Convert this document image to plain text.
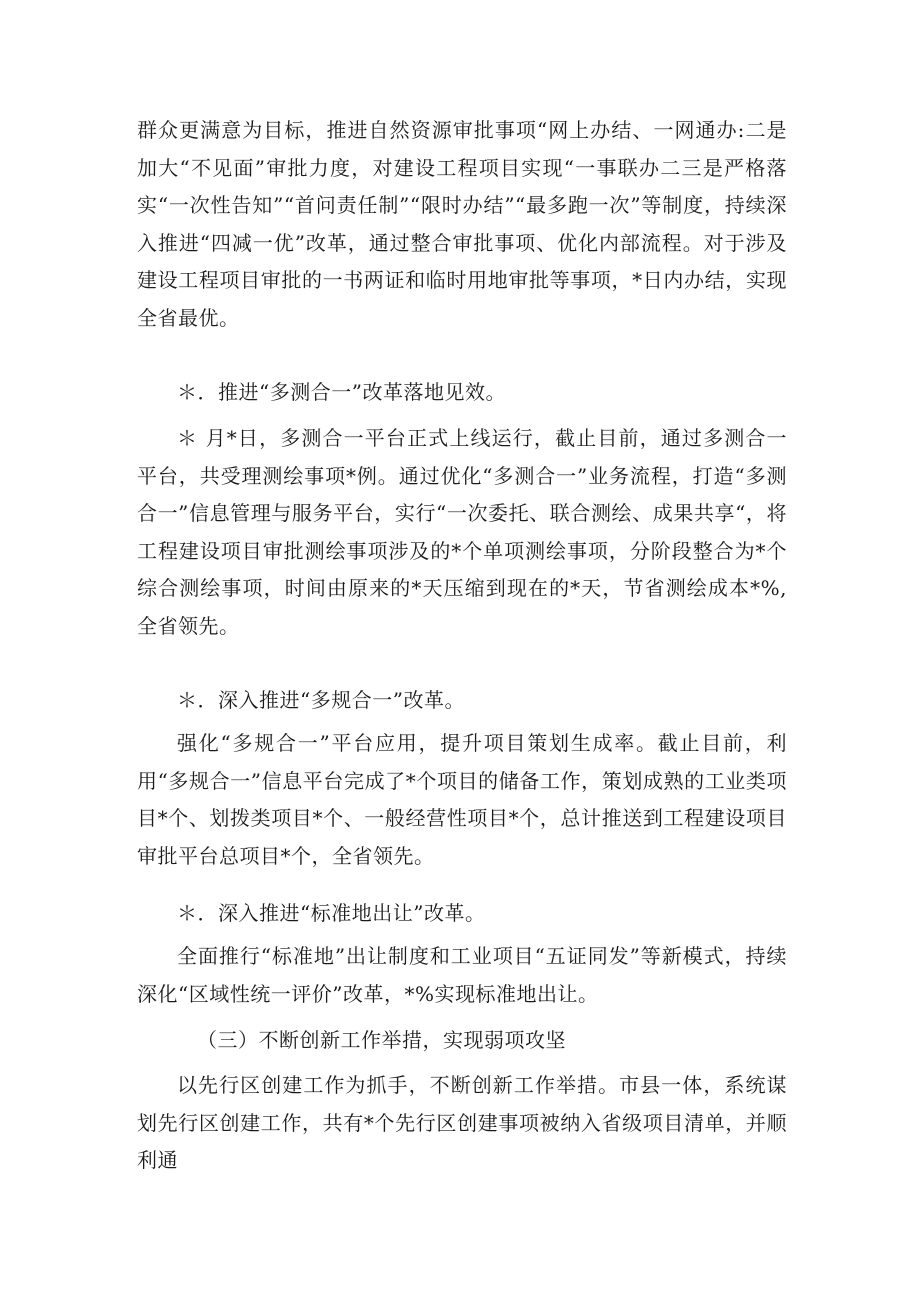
群众更满意为目标，推进自然资源审批事项“网上办结、一网通办:二是加大“不见面”审批力度，对建设工程项目实现“一事联办二三是严格落实“一次性告知”“首问责任制”“限时办结”“最多跑一次”等制度，持续深入推进“四减一优”改革，通过整合审批事项、优化内部流程。对于涉及建设工程项目审批的一书两证和临时用地审批等事项，*日内办结，实现全省最优。

＊．推进“多测合一”改革落地见效。

＊ 月*日，多测合一平台正式上线运行，截止目前，通过多测合一平台，共受理测绘事项*例。通过优化“多测合一”业务流程，打造“多测合一”信息管理与服务平台，实行“一次委托、联合测绘、成果共享“，将工程建设项目审批测绘事项涉及的*个单项测绘事项，分阶段整合为*个综合测绘事项，时间由原来的*天压缩到现在的*天，节省测绘成本*%,全省领先。

＊．深入推进“多规合一”改革。

强化“多规合一”平台应用，提升项目策划生成率。截止目前，利用“多规合一”信息平台完成了*个项目的储备工作，策划成熟的工业类项目*个、划拨类项目*个、一般经营性项目*个，总计推送到工程建设项目审批平台总项目*个，全省领先。

＊．深入推进“标准地出让”改革。

全面推行“标准地”出让制度和工业项目“五证同发”等新模式，持续深化“区域性统一评价”改革，*%实现标准地出让。

（三）不断创新工作举措，实现弱项攻坚

以先行区创建工作为抓手，不断创新工作举措。市县一体，系统谋划先行区创建工作，共有*个先行区创建事项被纳入省级项目清单，并顺利通
